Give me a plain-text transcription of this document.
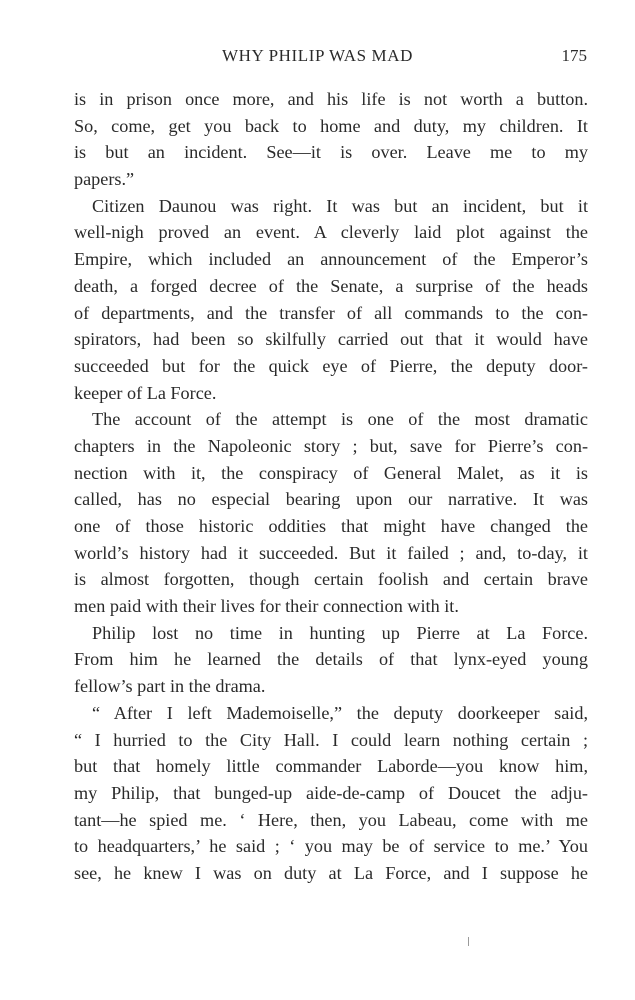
WHY PHILIP WAS MAD	175
is in prison once more, and his life is not worth a button.
So, come, get you back to home and duty, my children. It
is but an incident. See—it is over. Leave me to my
papers.”
Citizen Daunou was right. It was but an incident, but it
well-nigh proved an event. A cleverly laid plot against the
Empire, which included an announcement of the Emperor’s
death, a forged decree of the Senate, a surprise of the heads
of departments, and the transfer of all commands to the con-
spirators, had been so skilfully carried out that it would have
succeeded but for the quick eye of Pierre, the deputy door-
keeper of La Force.
The account of the attempt is one of the most dramatic
chapters in the Napoleonic story ; but, save for Pierre’s con-
nection with it, the conspiracy of General Malet, as it is
called, has no especial bearing upon our narrative. It was
one of those historic oddities that might have changed the
world’s history had it succeeded. But it failed ; and, to-day, it
is almost forgotten, though certain foolish and certain brave
men paid with their lives for their connection with it.
Philip lost no time in hunting up Pierre at La Force.
From him he learned the details of that lynx-eyed young
fellow’s part in the drama.
“ After I left Mademoiselle,” the deputy doorkeeper said,
“ I hurried to the City Hall. I could learn nothing certain ;
but that homely little commander Laborde—you know him,
my Philip, that bunged-up aide-de-camp of Doucet the adju-
tant—he spied me. ‘ Here, then, you Labeau, come with me
to headquarters,’ he said ; ‘ you may be of service to me.’ You
see, he knew I was on duty at La Force, and I suppose he
